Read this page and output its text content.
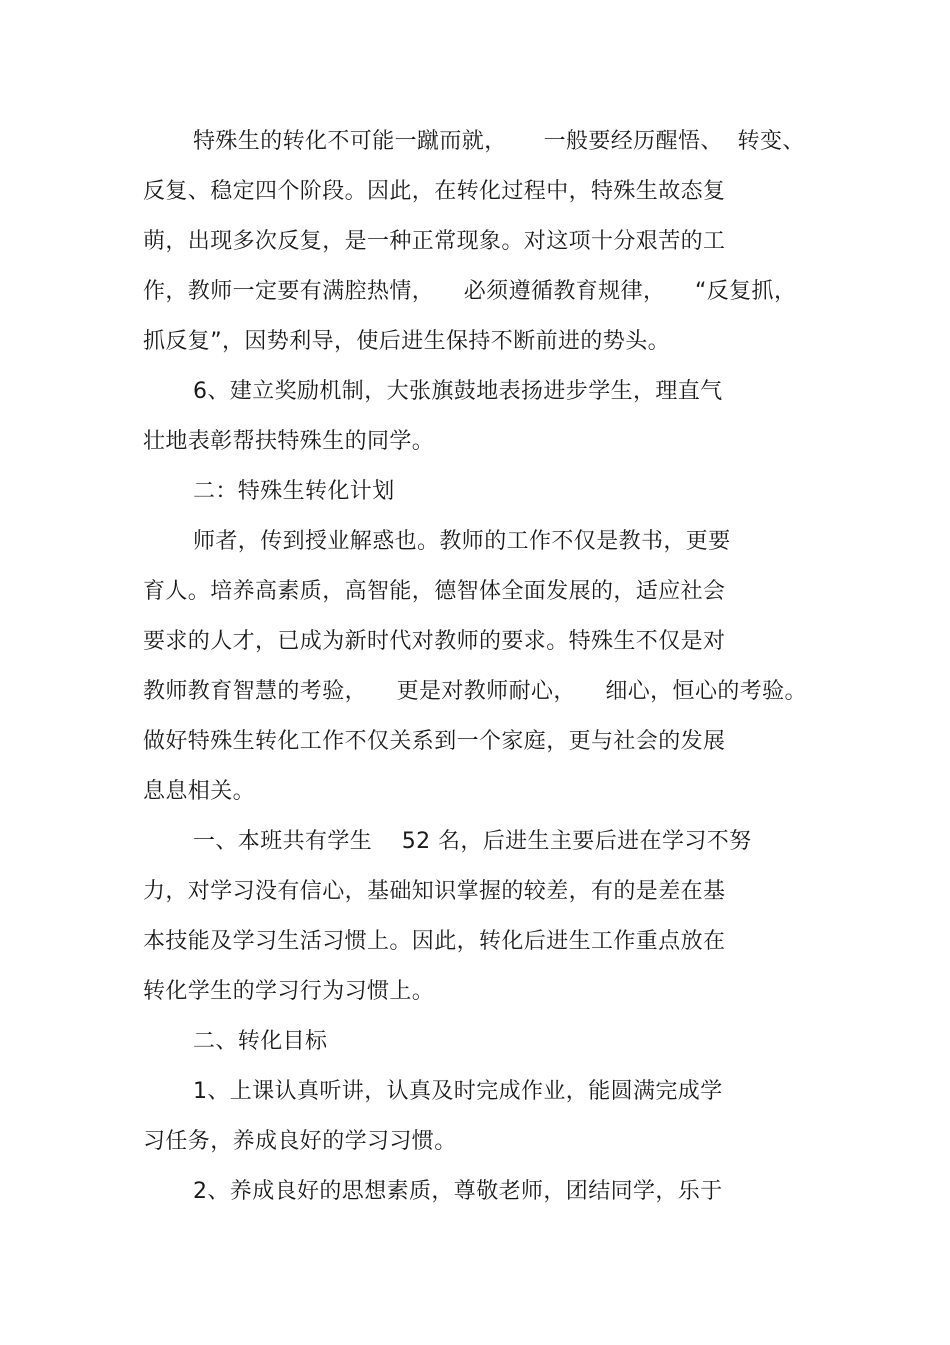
特殊生的转化不可能一蹴而就，     一般要经历醒悟、  转变、
反复、稳定四个阶段。因此，在转化过程中，特殊生故态复
萌，出现多次反复，是一种正常现象。对这项十分艰苦的工
作，教师一定要有满腔热情，    必须遵循教育规律，    “反复抓，
抓反复”，因势利导，使后进生保持不断前进的势头。
6、建立奖励机制，大张旗鼓地表扬进步学生，理直气
壮地表彰帮扶特殊生的同学。
二：特殊生转化计划
师者，传到授业解惑也。教师的工作不仅是教书，更要
育人。培养高素质，高智能，德智体全面发展的，适应社会
要求的人才，已成为新时代对教师的要求。特殊生不仅是对
教师教育智慧的考验，    更是对教师耐心，    细心，恒心的考验。
做好特殊生转化工作不仅关系到一个家庭，更与社会的发展
息息相关。
一、本班共有学生    52 名，后进生主要后进在学习不努
力，对学习没有信心，基础知识掌握的较差，有的是差在基
本技能及学习生活习惯上。因此，转化后进生工作重点放在
转化学生的学习行为习惯上。
二、转化目标
1、上课认真听讲，认真及时完成作业，能圆满完成学
习任务，养成良好的学习习惯。
2、养成良好的思想素质，尊敬老师，团结同学，乐于
